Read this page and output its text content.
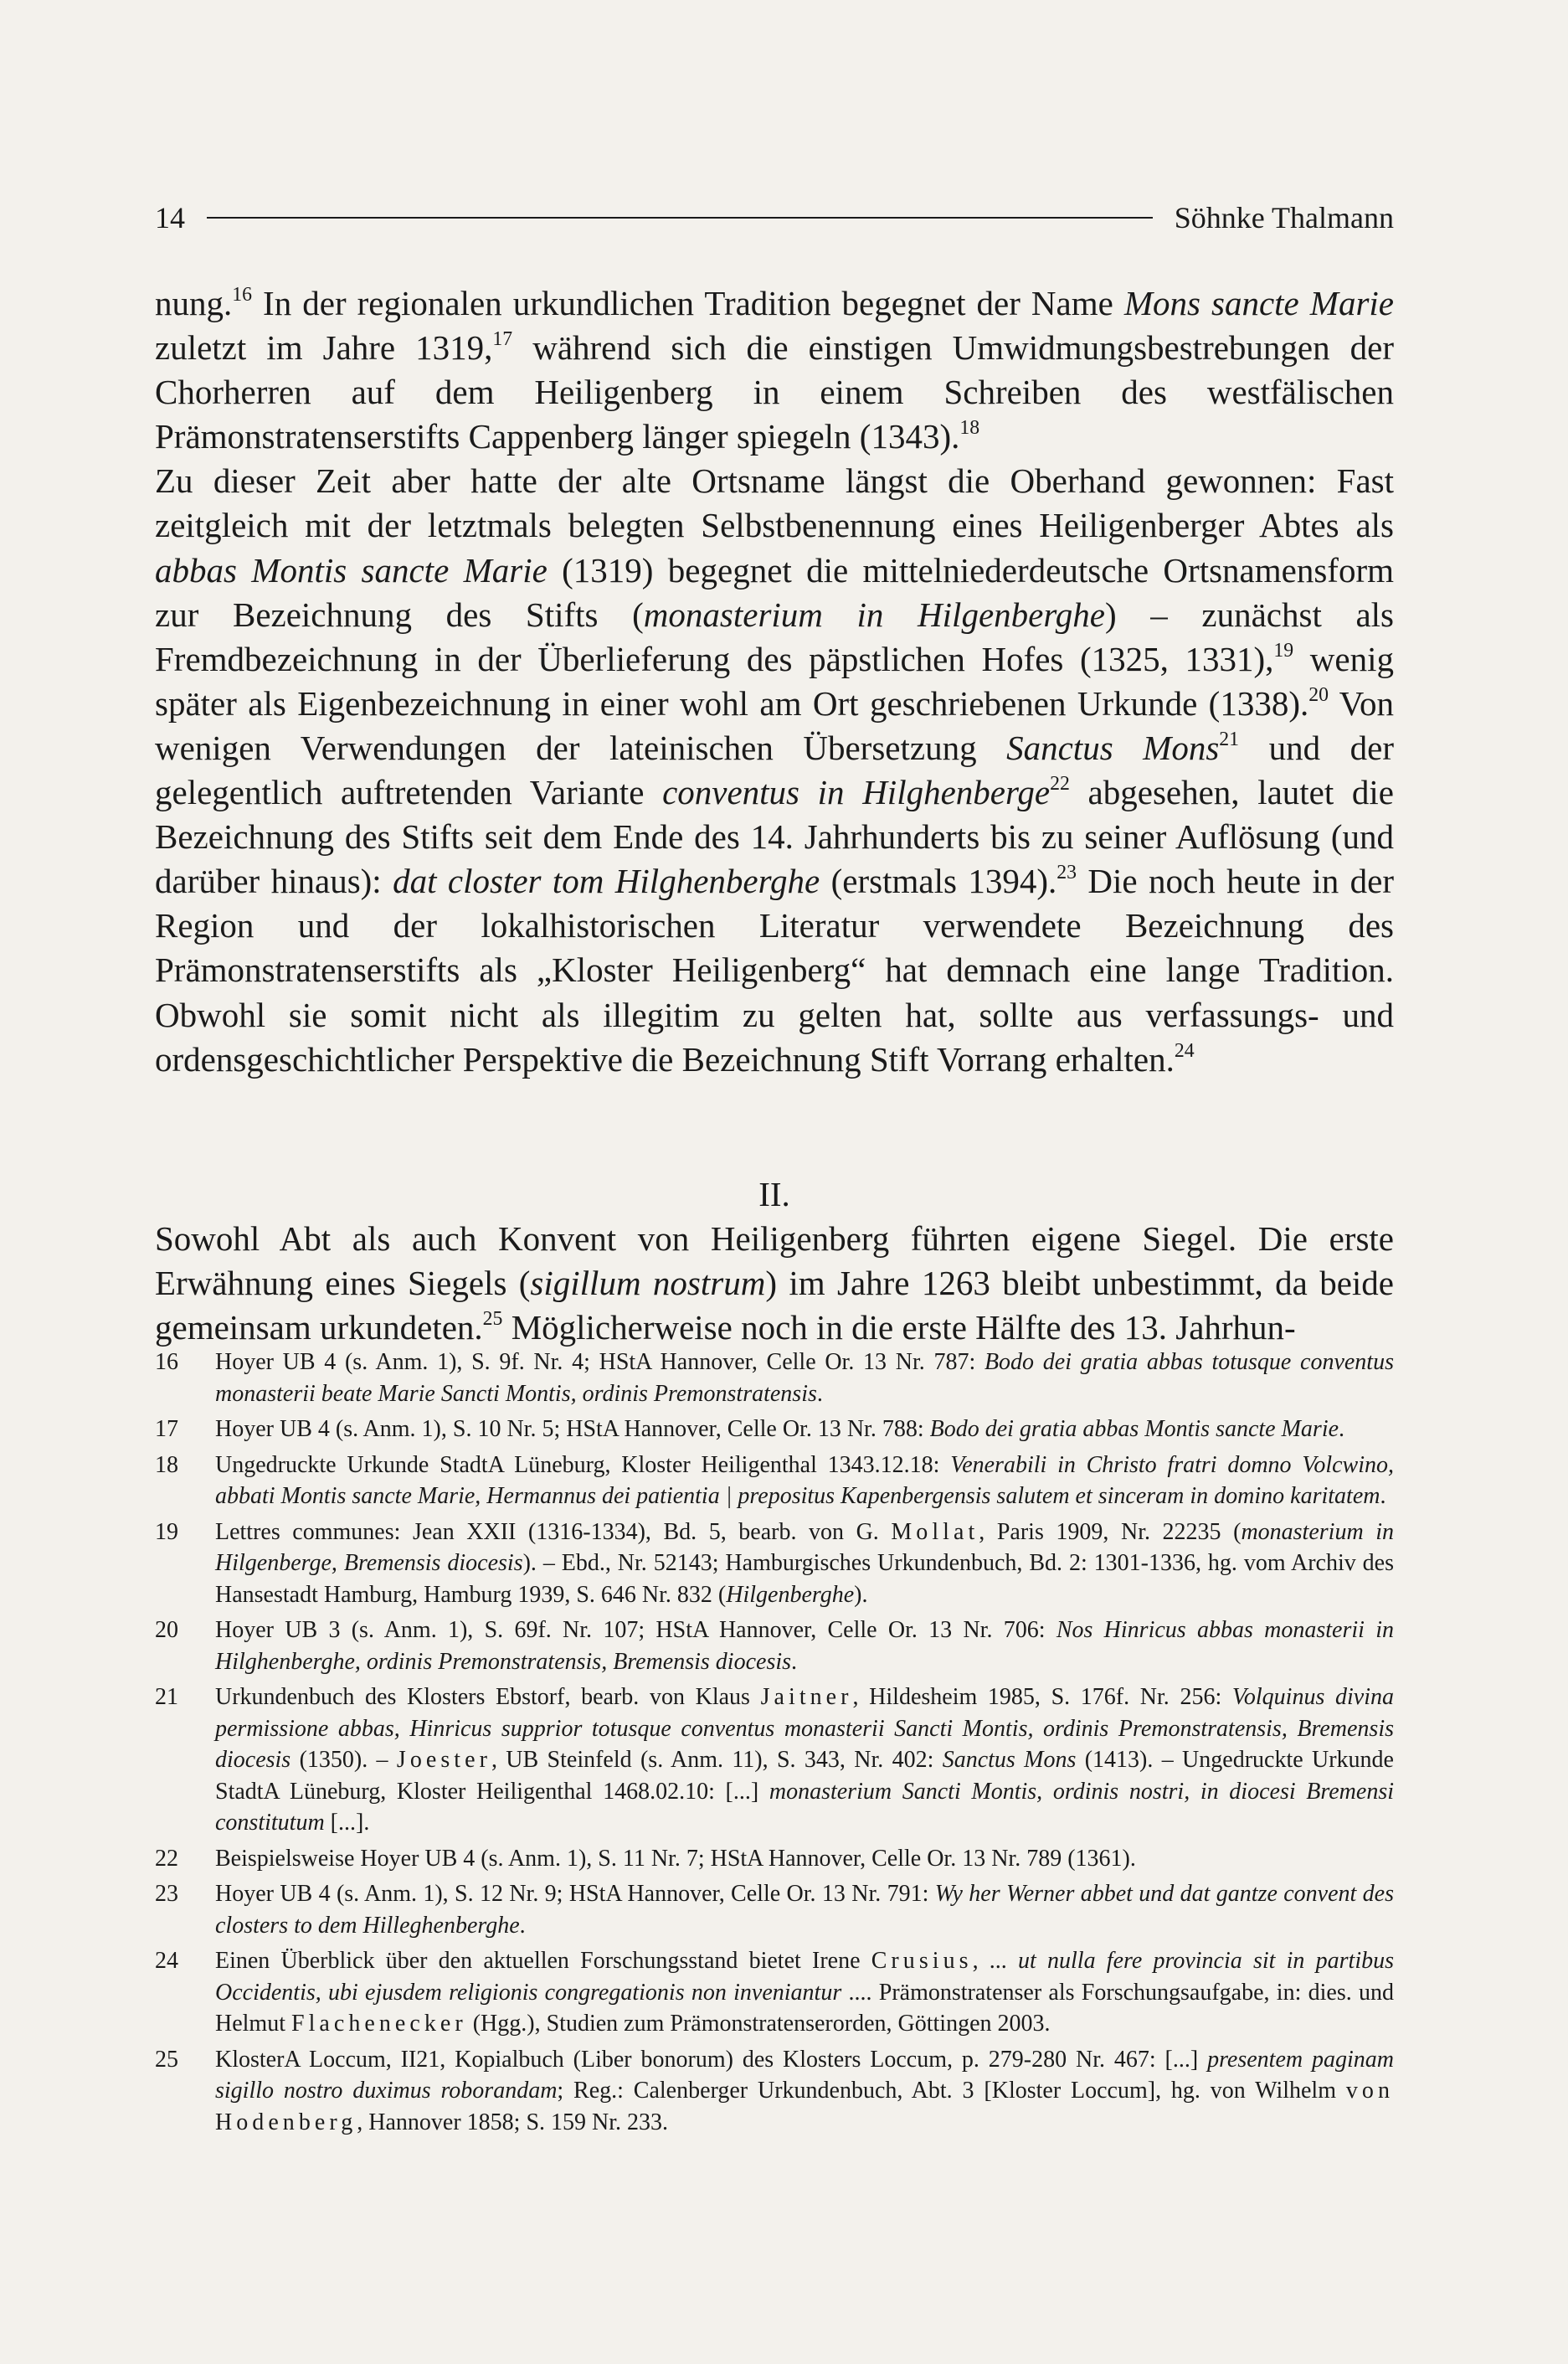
14	Söhnke Thalmann

nung.$^{16}$ In der regionalen urkundlichen Tradition begegnet der Name Mons sancte Marie zuletzt im Jahre 1319,17 während sich die einstigen Umwidmungsbestrebungen der Chorherren auf dem Heiligenberg in einem Schreiben des westfälischen Prämonstratenserstifts Cappenberg länger spiegeln (1343).$^{18}$

Zu dieser Zeit aber hatte der alte Ortsname längst die Oberhand gewonnen: Fast zeitgleich mit der letztmals belegten Selbstbenennung eines Heiligenberger Abtes als abbas Montis sancte Marie (1319) begegnet die mittelniederdeutsche Ortsnamensform zur Bezeichnung des Stifts (monasterium in Hilgenberghe) – zunächst als Fremdbezeichnung in der Überlieferung des päpstlichen Hofes (1325, 1331),$^{19}$ wenig später als Eigenbezeichnung in einer wohl am Ort geschriebenen Urkunde (1338).$^{20}$ Von wenigen Verwendungen der lateinischen Übersetzung Sanctus Mons$^{21}$ und der gelegentlich auftretenden Variante conventus in Hilghenberge$^{22}$ abgesehen, lautet die Bezeichnung des Stifts seit dem Ende des 14. Jahrhunderts bis zu seiner Auflösung (und darüber hinaus): dat closter tom Hilghenberghe (erstmals 1394).$^{23}$ Die noch heute in der Region und der lokalhistorischen Literatur verwendete Bezeichnung des Prämonstratenserstifts als „Kloster Heiligenberg“ hat demnach eine lange Tradition. Obwohl sie somit nicht als illegitim zu gelten hat, sollte aus verfassungs- und ordensgeschichtlicher Perspektive die Bezeichnung Stift Vorrang erhalten.$^{24}$

II.

Sowohl Abt als auch Konvent von Heiligenberg führten eigene Siegel. Die erste Erwähnung eines Siegels (sigillum nostrum) im Jahre 1263 bleibt unbestimmt, da beide gemeinsam urkundeten.$^{25}$ Möglicherweise noch in die erste Hälfte des 13. Jahrhun-

16	Hoyer UB 4 (s. Anm. 1), S. 9f. Nr. 4; HStA Hannover, Celle Or. 13 Nr. 787: Bodo dei gratia abbas totusque conventus monasterii beate Marie Sancti Montis, ordinis Premonstratensis.
17	Hoyer UB 4 (s. Anm. 1), S. 10 Nr. 5; HStA Hannover, Celle Or. 13 Nr. 788: Bodo dei gratia abbas Montis sancte Marie.
18	Ungedruckte Urkunde StadtA Lüneburg, Kloster Heiligenthal 1343.12.18: Venerabili in Christo fratri domno Volcwino, abbati Montis sancte Marie, Hermannus dei patientia | prepositus Kapenbergensis salutem et sinceram in domino karitatem.
19	Lettres communes: Jean XXII (1316-1334), Bd. 5, bearb. von G. Mollat, Paris 1909, Nr. 22235 (monasterium in Hilgenberge, Bremensis diocesis). – Ebd., Nr. 52143; Hamburgisches Urkundenbuch, Bd. 2: 1301-1336, hg. vom Archiv des Hansestadt Hamburg, Hamburg 1939, S. 646 Nr. 832 (Hilgenberghe).
20	Hoyer UB 3 (s. Anm. 1), S. 69f. Nr. 107; HStA Hannover, Celle Or. 13 Nr. 706: Nos Hinricus abbas monasterii in Hilghenberghe, ordinis Premonstratensis, Bremensis diocesis.
21	Urkundenbuch des Klosters Ebstorf, bearb. von Klaus Jaitner, Hildesheim 1985, S. 176f. Nr. 256: Volquinus divina permissione abbas, Hinricus supprior totusque conventus monasterii Sancti Montis, ordinis Premonstratensis, Bremensis diocesis (1350). – Joester, UB Steinfeld (s. Anm. 11), S. 343, Nr. 402: Sanctus Mons (1413). – Ungedruckte Urkunde StadtA Lüneburg, Kloster Heiligenthal 1468.02.10: [...] monasterium Sancti Montis, ordinis nostri, in diocesi Bremensi constitutum [...].
22	Beispielsweise Hoyer UB 4 (s. Anm. 1), S. 11 Nr. 7; HStA Hannover, Celle Or. 13 Nr. 789 (1361).
23	Hoyer UB 4 (s. Anm. 1), S. 12 Nr. 9; HStA Hannover, Celle Or. 13 Nr. 791: Wy her Werner abbet und dat gantze convent des closters to dem Hilleghenberghe.
24	Einen Überblick über den aktuellen Forschungsstand bietet Irene Crusius, ... ut nulla fere provincia sit in partibus Occidentis, ubi ejusdem religionis congregationis non inveniantur .... Prämonstratenser als Forschungsaufgabe, in: dies. und Helmut Flachenecker (Hgg.), Studien zum Prämonstratenserorden, Göttingen 2003.
25	KlosterA Loccum, II21, Kopialbuch (Liber bonorum) des Klosters Loccum, p. 279-280 Nr. 467: [...] presentem paginam sigillo nostro duximus roborandam; Reg.: Calenberger Urkundenbuch, Abt. 3 [Kloster Loccum], hg. von Wilhelm von Hodenberg, Hannover 1858; S. 159 Nr. 233.
